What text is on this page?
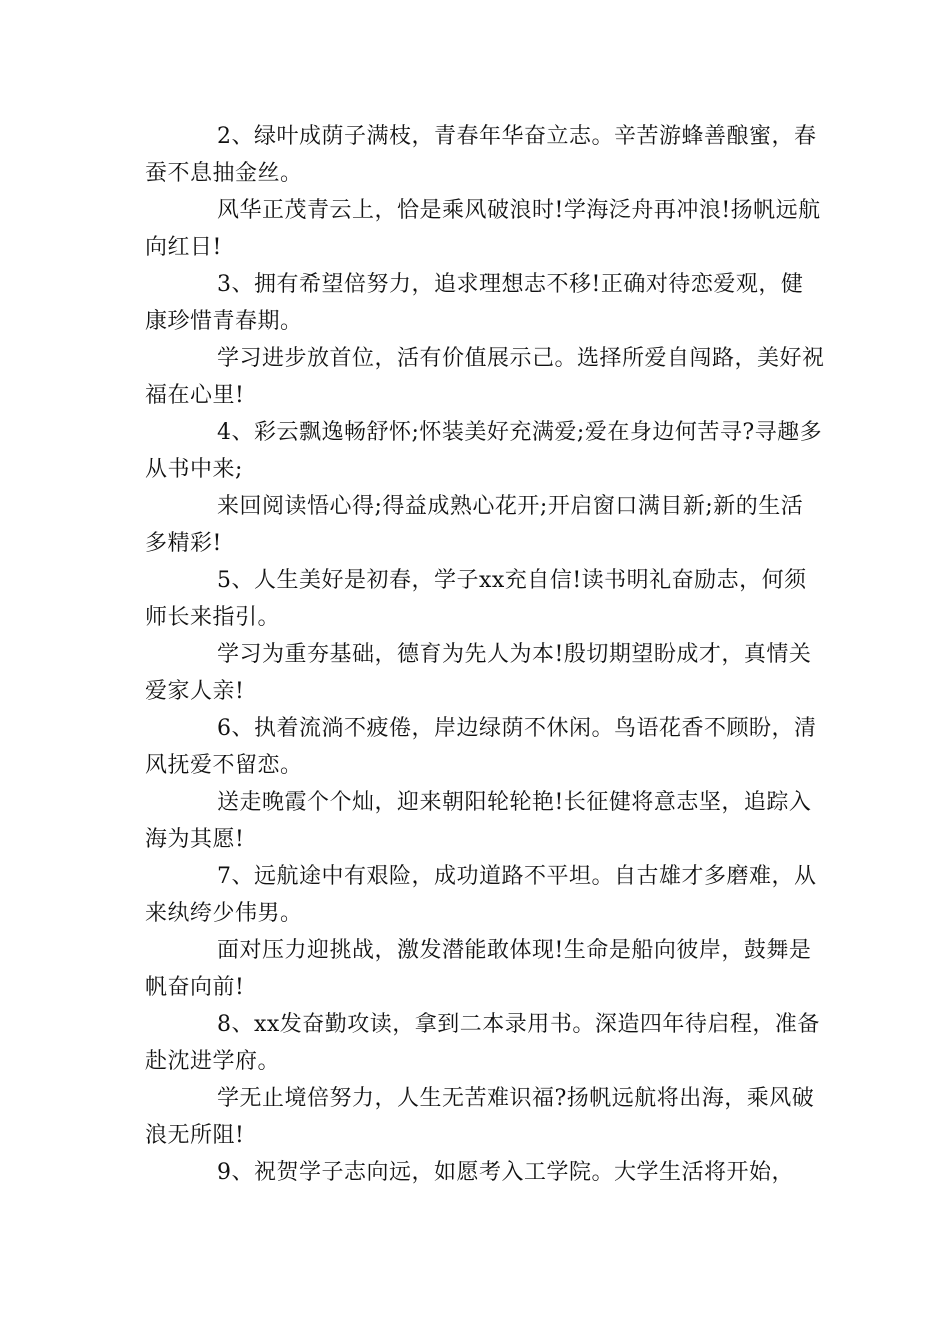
2、绿叶成荫子满枝，青春年华奋立志。辛苦游蜂善酿蜜，春蚕不息抽金丝。

风华正茂青云上，恰是乘风破浪时!学海泛舟再冲浪!扬帆远航向红日!

3、拥有希望倍努力，追求理想志不移!正确对待恋爱观，健康珍惜青春期。

学习进步放首位，活有价值展示己。选择所爱自闯路，美好祝福在心里!

4、彩云飘逸畅舒怀;怀装美好充满爱;爱在身边何苦寻?寻趣多从书中来;

来回阅读悟心得;得益成熟心花开;开启窗口满目新;新的生活多精彩!

5、人生美好是初春，学子xx充自信!读书明礼奋励志，何须师长来指引。

学习为重夯基础，德育为先人为本!殷切期望盼成才，真情关爱家人亲!

6、执着流淌不疲倦，岸边绿荫不休闲。鸟语花香不顾盼，清风抚爱不留恋。

送走晚霞个个灿，迎来朝阳轮轮艳!长征健将意志坚，追踪入海为其愿!

7、远航途中有艰险，成功道路不平坦。自古雄才多磨难，从来纨绔少伟男。

面对压力迎挑战，激发潜能敢体现!生命是船向彼岸，鼓舞是帆奋向前!

8、xx发奋勤攻读，拿到二本录用书。深造四年待启程，准备赴沈进学府。

学无止境倍努力，人生无苦难识福?扬帆远航将出海，乘风破浪无所阻!

9、祝贺学子志向远，如愿考入工学院。大学生活将开始，
